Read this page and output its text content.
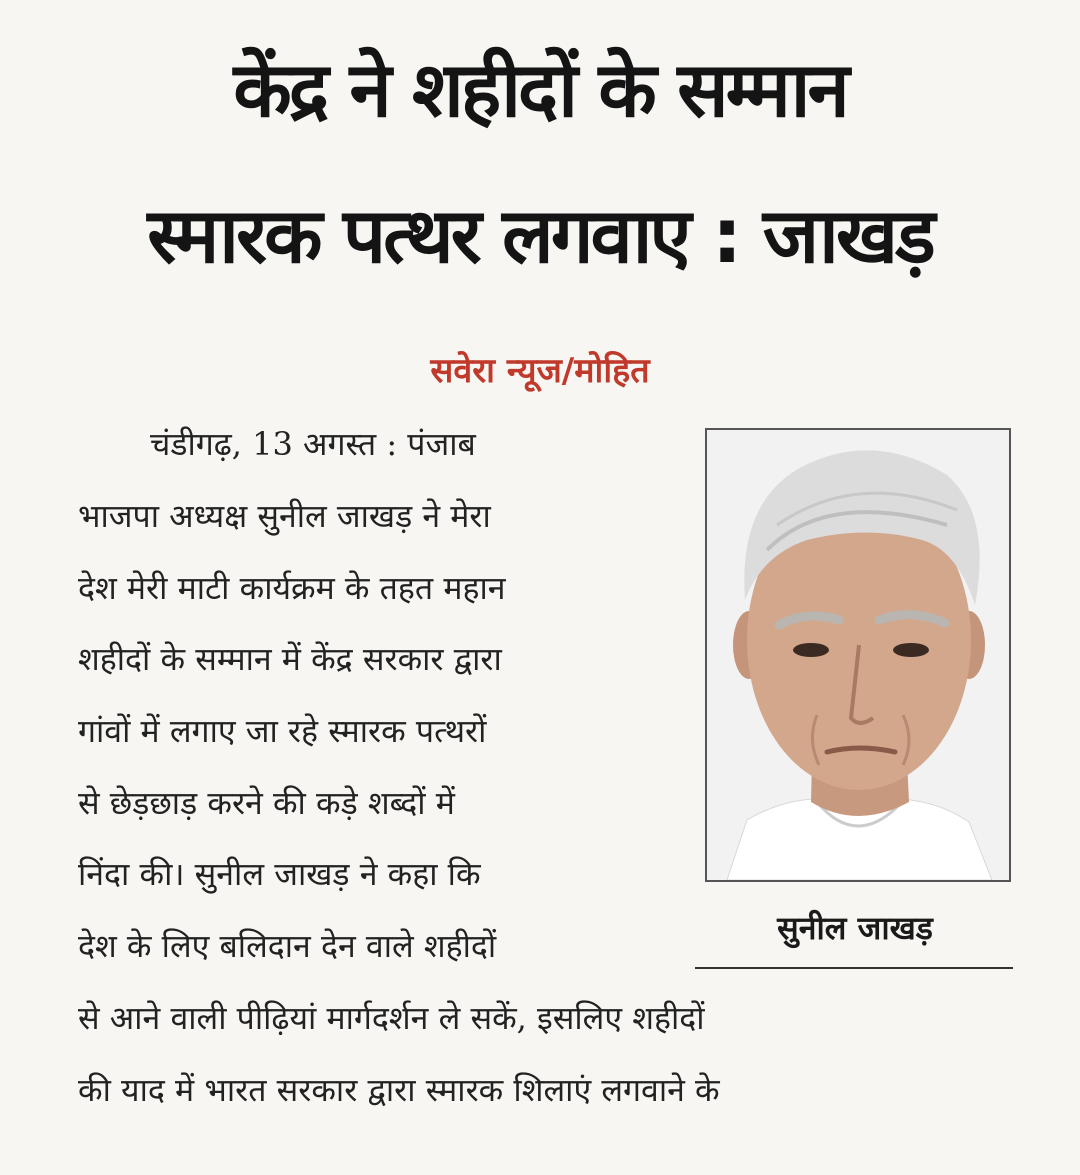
केंद्र ने शहीदों के सम्मान
स्मारक पत्थर लगवाए : जाखड़
सवेरा न्यूज/मोहित
चंडीगढ़, 13 अगस्त : पंजाब
भाजपा अध्यक्ष सुनील जाखड़ ने मेरा
देश मेरी माटी कार्यक्रम के तहत महान
शहीदों के सम्मान में केंद्र सरकार द्वारा
गांवों में लगाए जा रहे स्मारक पत्थरों
से छेड़छाड़ करने की कड़े शब्दों में
निंदा की। सुनील जाखड़ ने कहा कि
देश के लिए बलिदान देन वाले शहीदों	सुनील जाखड़
से आने वाली पीढ़ियां मार्गदर्शन ले सकें, इसलिए शहीदों
की याद में भारत सरकार द्वारा स्मारक शिलाएं लगवाने के
